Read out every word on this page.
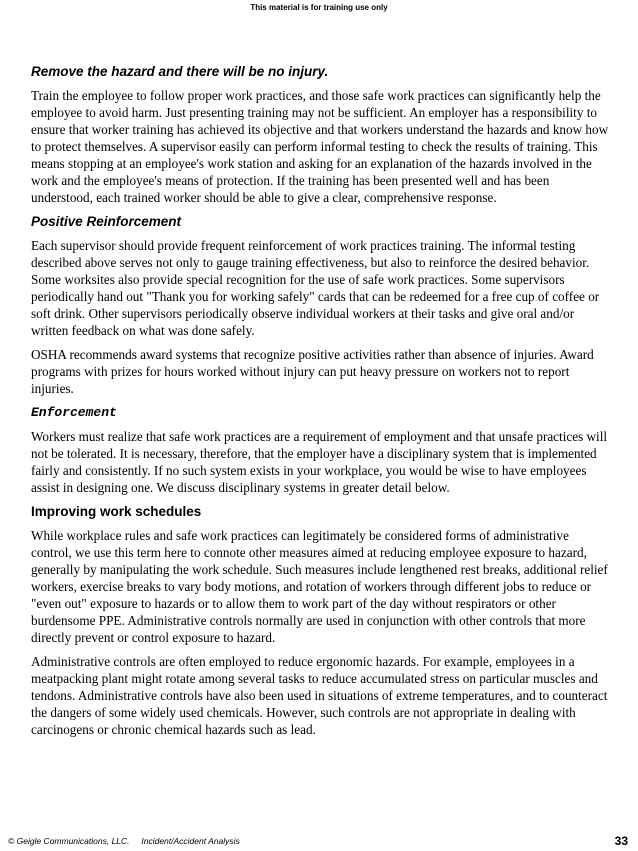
This material is for training use only
Remove the hazard and there will be no injury.

Train the employee to follow proper work practices, and those safe work practices can significantly help the employee to avoid harm. Just presenting training may not be sufficient. An employer has a responsibility to ensure that worker training has achieved its objective and that workers understand the hazards and know how to protect themselves. A supervisor easily can perform informal testing to check the results of training. This means stopping at an employee's work station and asking for an explanation of the hazards involved in the work and the employee's means of protection. If the training has been presented well and has been understood, each trained worker should be able to give a clear, comprehensive response.

Positive Reinforcement

Each supervisor should provide frequent reinforcement of work practices training. The informal testing described above serves not only to gauge training effectiveness, but also to reinforce the desired behavior. Some worksites also provide special recognition for the use of safe work practices. Some supervisors periodically hand out "Thank you for working safely" cards that can be redeemed for a free cup of coffee or soft drink. Other supervisors periodically observe individual workers at their tasks and give oral and/or written feedback on what was done safely.

OSHA recommends award systems that recognize positive activities rather than absence of injuries. Award programs with prizes for hours worked without injury can put heavy pressure on workers not to report injuries.

Enforcement

Workers must realize that safe work practices are a requirement of employment and that unsafe practices will not be tolerated. It is necessary, therefore, that the employer have a disciplinary system that is implemented fairly and consistently. If no such system exists in your workplace, you would be wise to have employees assist in designing one. We discuss disciplinary systems in greater detail below.

Improving work schedules

While workplace rules and safe work practices can legitimately be considered forms of administrative control, we use this term here to connote other measures aimed at reducing employee exposure to hazard, generally by manipulating the work schedule. Such measures include lengthened rest breaks, additional relief workers, exercise breaks to vary body motions, and rotation of workers through different jobs to reduce or "even out" exposure to hazards or to allow them to work part of the day without respirators or other burdensome PPE. Administrative controls normally are used in conjunction with other controls that more directly prevent or control exposure to hazard.

Administrative controls are often employed to reduce ergonomic hazards. For example, employees in a meatpacking plant might rotate among several tasks to reduce accumulated stress on particular muscles and tendons. Administrative controls have also been used in situations of extreme temperatures, and to counteract the dangers of some widely used chemicals. However, such controls are not appropriate in dealing with carcinogens or chronic chemical hazards such as lead.

© Geigle Communications, LLC. Incident/Accident Analysis	33
